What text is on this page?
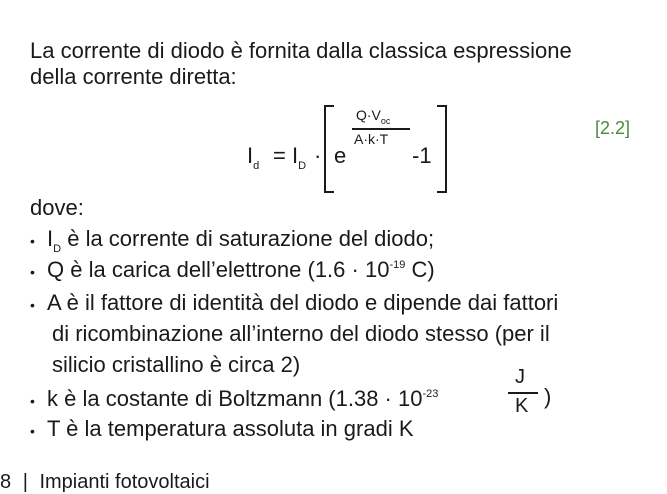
La corrente di diodo è fornita dalla classica espressione
della corrente diretta:
$I_d = I_D \cdot e$
$Q\cdot V_{oc}$
A·k·T
-1
[2.2]
dove:
• $I_D$ è la corrente di saturazione del diodo;
• Q è la carica dell’elettrone ($1.6 \cdot 10^{-19}$ C)
• A è il fattore di identità del diodo e dipende dai fattori
di ricombinazione all’interno del diodo stesso (per il
silicio cristallino è circa 2)
• k è la costante di Boltzmann ($1.38 \cdot 10^{-23}$
J
K )
• T è la temperatura assoluta in gradi K
8 | Impianti fotovoltaici
